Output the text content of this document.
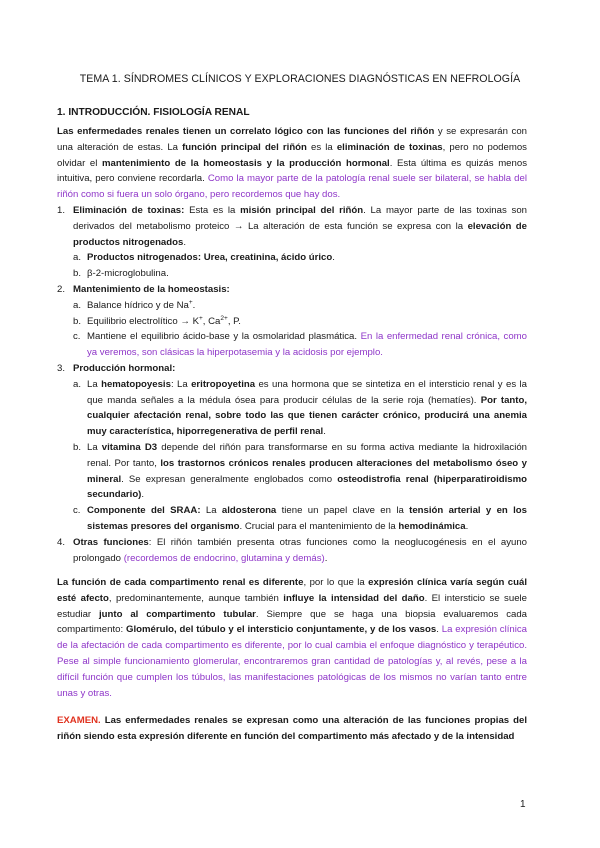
TEMA 1. SÍNDROMES CLÍNICOS Y EXPLORACIONES DIAGNÓSTICAS EN NEFROLOGÍA
1. INTRODUCCIÓN. FISIOLOGÍA RENAL
Las enfermedades renales tienen un correlato lógico con las funciones del riñón y se expresarán con una alteración de estas. La función principal del riñón es la eliminación de toxinas, pero no podemos olvidar el mantenimiento de la homeostasis y la producción hormonal. Esta última es quizás menos intuitiva, pero conviene recordarla. Como la mayor parte de la patología renal suele ser bilateral, se habla del riñón como si fuera un solo órgano, pero recordemos que hay dos.
1. Eliminación de toxinas: Esta es la misión principal del riñón. La mayor parte de las toxinas son derivados del metabolismo proteico → La alteración de esta función se expresa con la elevación de productos nitrogenados.
a. Productos nitrogenados: Urea, creatinina, ácido úrico.
b. β-2-microglobulina.
2. Mantenimiento de la homeostasis:
a. Balance hídrico y de Na+.
b. Equilibrio electrolítico → K+, $Ca^{2+}$, P.
c. Mantiene el equilibrio ácido-base y la osmolaridad plasmática. En la enfermedad renal crónica, como ya veremos, son clásicas la hiperpotasemia y la acidosis por ejemplo.
3. Producción hormonal:
a. La hematopoyesis: La eritropoyetina es una hormona que se sintetiza en el intersticio renal y es la que manda señales a la médula ósea para producir células de la serie roja (hematíes). Por tanto, cualquier afectación renal, sobre todo las que tienen carácter crónico, producirá una anemia muy característica, hiporregenerativa de perfil renal.
b. La vitamina D3 depende del riñón para transformarse en su forma activa mediante la hidroxilación renal. Por tanto, los trastornos crónicos renales producen alteraciones del metabolismo óseo y mineral. Se expresan generalmente englobados como osteodistrofia renal (hiperparatiroidismo secundario).
c. Componente del SRAA: La aldosterona tiene un papel clave en la tensión arterial y en los sistemas presores del organismo. Crucial para el mantenimiento de la hemodinámica.
4. Otras funciones: El riñón también presenta otras funciones como la neoglucogénesis en el ayuno prolongado (recordemos de endocrino, glutamina y demás).
La función de cada compartimento renal es diferente, por lo que la expresión clínica varía según cuál esté afecto, predominantemente, aunque también influye la intensidad del daño. El intersticio se suele estudiar junto al compartimento tubular. Siempre que se haga una biopsia evaluaremos cada compartimento: Glomérulo, del túbulo y el intersticio conjuntamente, y de los vasos. La expresión clínica de la afectación de cada compartimento es diferente, por lo cual cambia el enfoque diagnóstico y terapéutico. Pese al simple funcionamiento glomerular, encontraremos gran cantidad de patologías y, al revés, pese a la difícil función que cumplen los túbulos, las manifestaciones patológicas de los mismos no varían tanto entre unas y otras.
EXAMEN. Las enfermedades renales se expresan como una alteración de las funciones propias del riñón siendo esta expresión diferente en función del compartimento más afectado y de la intensidad
1
